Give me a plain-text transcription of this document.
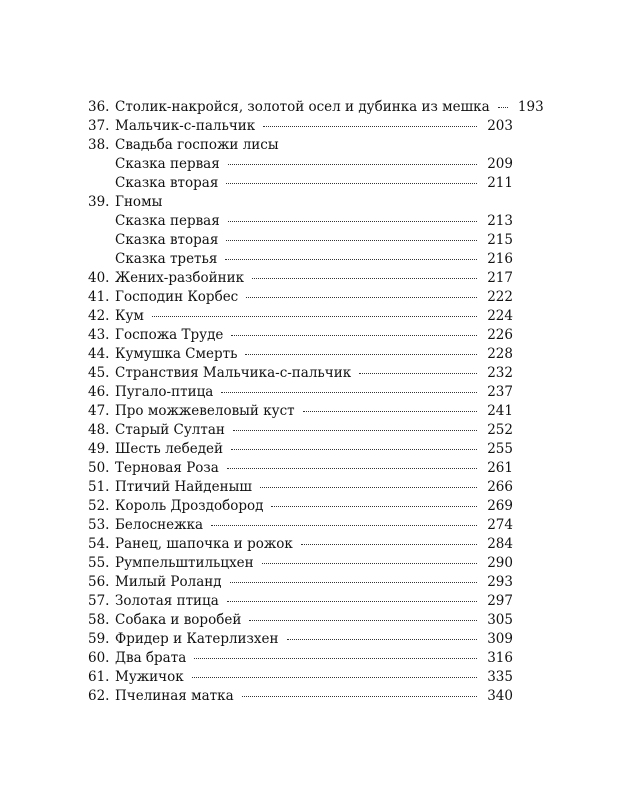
36. Столик-накройся, золотой осел и дубинка из мешка	193
37. Мальчик-с-пальчик	203
38. Свадьба госпожи лисы
Сказка первая	209
Сказка вторая	211
39. Гномы
Сказка первая	213
Сказка вторая	215
Сказка третья	216
40. Жених-разбойник	217
41. Господин Корбес	222
42. Кум	224
43. Госпожа Труде	226
44. Кумушка Смерть	228
45. Странствия Мальчика-с-пальчик	232
46. Пугало-птица	237
47. Про можжевеловый куст	241
48. Старый Султан	252
49. Шесть лебедей	255
50. Терновая Роза	261
51. Птичий Найденыш	266
52. Король Дроздобород	269
53. Белоснежка	274
54. Ранец, шапочка и рожок	284
55. Румпельштильцхен	290
56. Милый Роланд	293
57. Золотая птица	297
58. Собака и воробей	305
59. Фридер и Катерлизхен	309
60. Два брата	316
61. Мужичок	335
62. Пчелиная матка	340
